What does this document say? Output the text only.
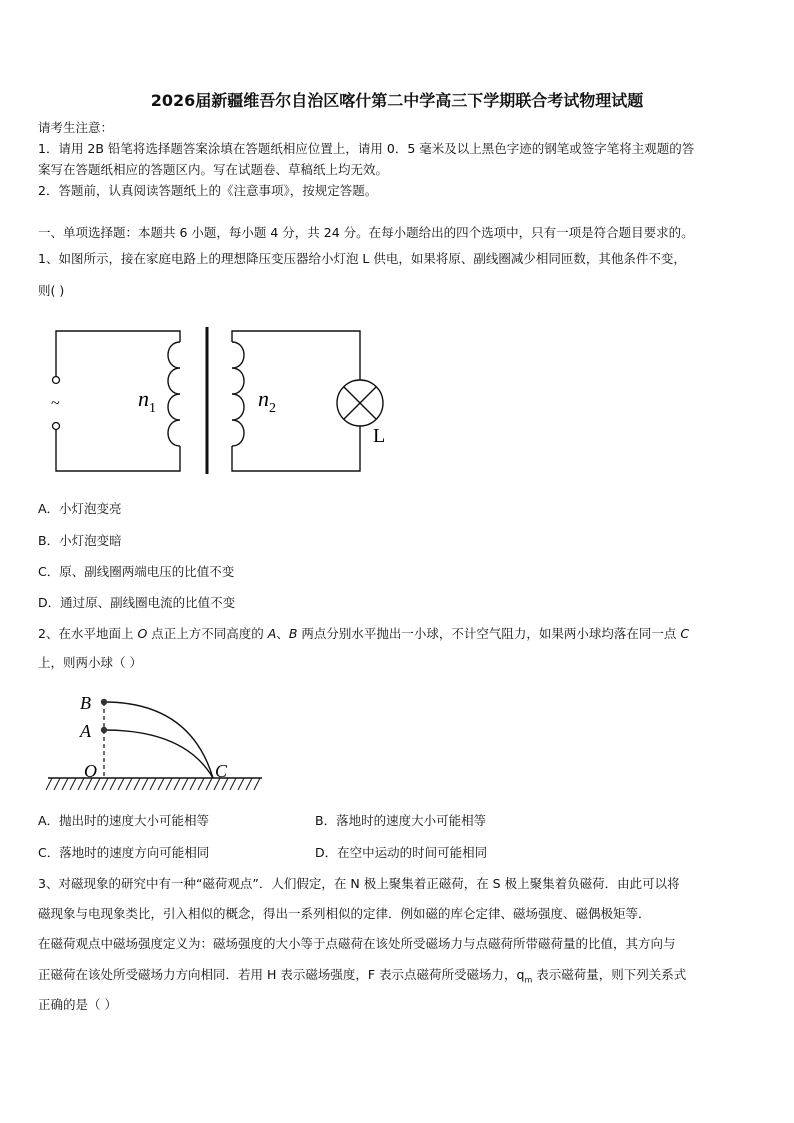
2026届新疆维吾尔自治区喀什第二中学高三下学期联合考试物理试题
请考生注意：
1．请用 2B 铅笔将选择题答案涂填在答题纸相应位置上，请用 0．5 毫米及以上黑色字迹的钢笔或签字笔将主观题的答
案写在答题纸相应的答题区内。写在试题卷、草稿纸上均无效。
2．答题前，认真阅读答题纸上的《注意事项》，按规定答题。
一、单项选择题：本题共 6 小题，每小题 4 分，共 24 分。在每小题给出的四个选项中，只有一项是符合题目要求的。
1、如图所示，接在家庭电路上的理想降压变压器给小灯泡 L 供电，如果将原、副线圈减少相同匝数，其他条件不变，
则( )
~	$n_1$	$n_2$
L
A．小灯泡变亮
B．小灯泡变暗
C．原、副线圈两端电压的比值不变
D．通过原、副线圈电流的比值不变
2、在水平地面上 O 点正上方不同高度的 A、B 两点分别水平抛出一小球，不计空气阻力，如果两小球均落在同一点 C
上，则两小球（ ）
B
A
O	C
A．抛出时的速度大小可能相等	B．落地时的速度大小可能相等
C．落地时的速度方向可能相同	D．在空中运动的时间可能相同
3、对磁现象的研究中有一种“磁荷观点”．人们假定，在 N 极上聚集着正磁荷，在 S 极上聚集着负磁荷．由此可以将
磁现象与电现象类比，引入相似的概念，得出一系列相似的定律．例如磁的库仑定律、磁场强度、磁偶极矩等．
在磁荷观点中磁场强度定义为：磁场强度的大小等于点磁荷在该处所受磁场力与点磁荷所带磁荷量的比值，其方向与
正磁荷在该处所受磁场力方向相同．若用 H 表示磁场强度，F 表示点磁荷所受磁场力，$q_m$ 表示磁荷量，则下列关系式
正确的是（ ）
